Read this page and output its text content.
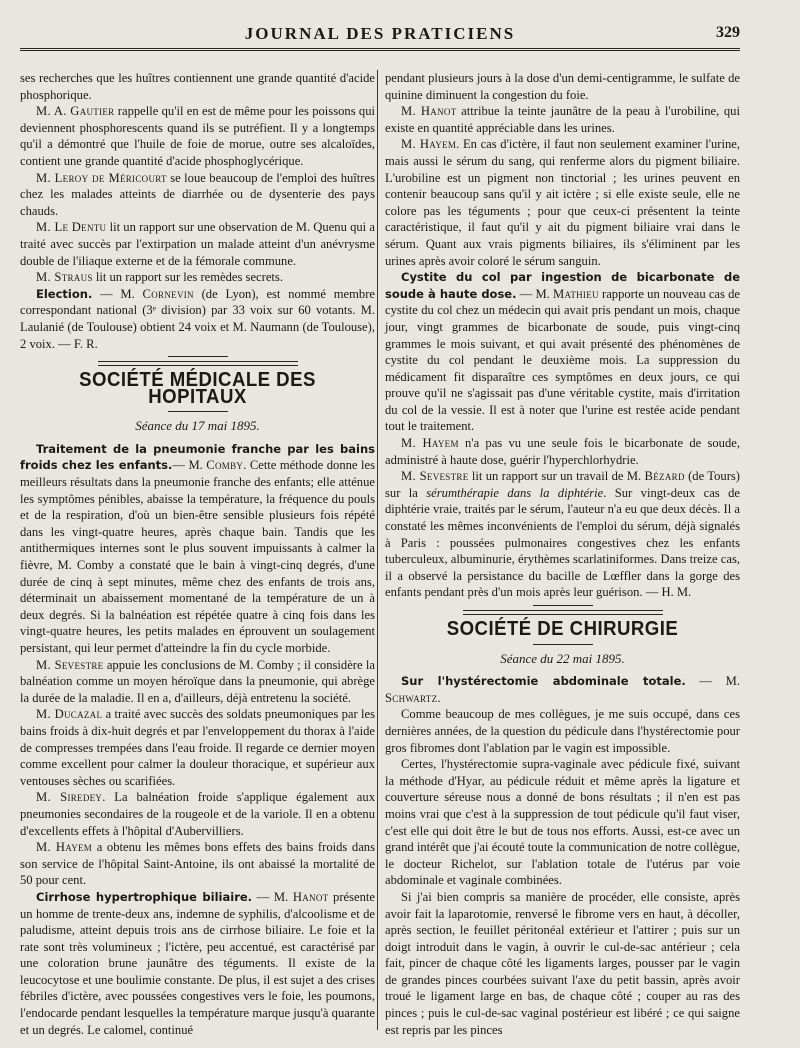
JOURNAL DES PRATICIENS	329

ses recherches que les huîtres contiennent une grande quantité d'acide phosphorique.

M. A. Gautier rappelle qu'il en est de même pour les poissons qui deviennent phosphorescents quand ils se putréfient. Il y a longtemps qu'il a démontré que l'huile de foie de morue, outre ses alcaloïdes, contient une grande quantité d'acide phosphoglycérique.

M. Leroy de Méricourt se loue beaucoup de l'emploi des huîtres chez les malades atteints de diarrhée ou de dysenterie des pays chauds.

M. Le Dentu lit un rapport sur une observation de M. Quenu qui a traité avec succès par l'extirpation un malade atteint d'un anévrysme double de l'iliaque externe et de la fémorale commune.

M. Straus lit un rapport sur les remèdes secrets.

Election. — M. Cornevin (de Lyon), est nommé membre correspondant national (3ᵉ division) par 33 voix sur 60 votants. M. Laulanié (de Toulouse) obtient 24 voix et M. Naumann (de Toulouse), 2 voix. — F. R.

SOCIÉTÉ MÉDICALE DES HOPITAUX
Séance du 17 mai 1895.

Traitement de la pneumonie franche par les bains froids chez les enfants.— M. Comby. Cette méthode donne les meilleurs résultats dans la pneumonie franche des enfants; elle atténue les symptômes pénibles, abaisse la température, la fréquence du pouls et de la respiration, d'où un bien-être sensible plusieurs fois répété dans les vingt-quatre heures, après chaque bain. Tandis que les antithermiques internes sont le plus souvent impuissants à calmer la fièvre, M. Comby a constaté que le bain à vingt-cinq degrés, d'une durée de cinq à sept minutes, même chez des enfants de trois ans, déterminait un abaissement momentané de la température de un à deux degrés. Si la balnéation est répétée quatre à cinq fois dans les vingt-quatre heures, les petits malades en éprouvent un soulagement persistant, qui leur permet d'atteindre la fin du cycle morbide.

M. Sevestre appuie les conclusions de M. Comby ; il considère la balnéation comme un moyen héroïque dans la pneumonie, qui abrège la durée de la maladie. Il en a, d'ailleurs, déjà entretenu la société.

M. Ducazal a traité avec succès des soldats pneumoniques par les bains froids à dix-huit degrés et par l'enveloppement du thorax à l'aide de compresses trempées dans l'eau froide. Il regarde ce dernier moyen comme excellent pour calmer la douleur thoracique, et supérieur aux ventouses sèches ou scarifiées.

M. Siredey. La balnéation froide s'applique également aux pneumonies secondaires de la rougeole et de la variole. Il en a obtenu d'excellents effets à l'hôpital d'Aubervilliers.

M. Hayem a obtenu les mêmes bons effets des bains froids dans son service de l'hôpital Saint-Antoine, ils ont abaissé la mortalité de 50 pour cent.

Cirrhose hypertrophique biliaire. — M. Hanot présente un homme de trente-deux ans, indemne de syphilis, d'alcoolisme et de paludisme, atteint depuis trois ans de cirrhose biliaire. Le foie et la rate sont très volumineux ; l'ictère, peu accentué, est caractérisé par une coloration brune jaunâtre des téguments. Il existe de la leucocytose et une boulimie constante. De plus, il est sujet a des crises fébriles d'ictère, avec poussées congestives vers le foie, les poumons, l'endocarde pendant lesquelles la température marque jusqu'à quarante et un degrés. Le calomel, continué

pendant plusieurs jours à la dose d'un demi-centigramme, le sulfate de quinine diminuent la congestion du foie.

M. Hanot attribue la teinte jaunâtre de la peau à l'urobiline, qui existe en quantité appréciable dans les urines.

M. Hayem. En cas d'ictère, il faut non seulement examiner l'urine, mais aussi le sérum du sang, qui renferme alors du pigment biliaire. L'urobiline est un pigment non tinctorial ; les urines peuvent en contenir beaucoup sans qu'il y ait ictère ; si elle existe seule, elle ne colore pas les téguments ; pour que ceux-ci présentent la teinte caractéristique, il faut qu'il y ait du pigment biliaire vrai dans le sérum. Quant aux vrais pigments biliaires, ils s'éliminent par les urines après avoir coloré le sérum sanguin.

Cystite du col par ingestion de bicarbonate de soude à haute dose. — M. Mathieu rapporte un nouveau cas de cystite du col chez un médecin qui avait pris pendant un mois, chaque jour, vingt grammes de bicarbonate de soude, puis vingt-cinq grammes le mois suivant, et qui avait présenté des phénomènes de cystite du col pendant le deuxième mois. La suppression du médicament fit disparaître ces symptômes en deux jours, ce qui prouve qu'il ne s'agissait pas d'une véritable cystite, mais d'irritation du col de la vessie. Il est à noter que l'urine est restée acide pendant tout le traitement.

M. Hayem n'a pas vu une seule fois le bicarbonate de soude, administré à haute dose, guérir l'hyperchlorhydrie.

M. Sevestre lit un rapport sur un travail de M. Bézard (de Tours) sur la sérumthérapie dans la diphtérie. Sur vingt-deux cas de diphtérie vraie, traités par le sérum, l'auteur n'a eu que deux décès. Il a constaté les mêmes inconvénients de l'emploi du sérum, déjà signalés à Paris : poussées pulmonaires congestives chez les enfants tuberculeux, albuminurie, érythèmes scarlatiniformes. Dans treize cas, il a observé la persistance du bacille de Lœffler dans la gorge des enfants pendant près d'un mois après leur guérison. — H. M.

SOCIÉTÉ DE CHIRURGIE
Séance du 22 mai 1895.

Sur l'hystérectomie abdominale totale. — M. Schwartz.

Comme beaucoup de mes collègues, je me suis occupé, dans ces dernières années, de la question du pédicule dans l'hystérectomie pour gros fibromes dont l'ablation par le vagin est impossible.

Certes, l'hystérectomie supra-vaginale avec pédicule fixé, suivant la méthode d'Hyar, au pédicule réduit et même après la ligature et couverture séreuse nous a donné de bons résultats ; il n'en est pas moins vrai que c'est à la suppression de tout pédicule qu'il faut viser, c'est elle qui doit être le but de tous nos efforts. Aussi, est-ce avec un grand intérêt que j'ai écouté toute la communication de notre collègue, le docteur Richelot, sur l'ablation totale de l'utérus par voie abdominale et vaginale combinées.

Si j'ai bien compris sa manière de procéder, elle consiste, après avoir fait la laparotomie, renversé le fibrome vers en haut, à décoller, après section, le feuillet péritonéal extérieur et l'attirer ; puis sur un doigt introduit dans le vagin, à ouvrir le cul-de-sac antérieur ; cela fait, pincer de chaque côté les ligaments larges, pousser par le vagin de grandes pinces courbées suivant l'axe du petit bassin, après avoir troué le ligament large en bas, de chaque côté ; couper au ras des pinces ; puis le cul-de-sac vaginal postérieur est libéré ; ce qui saigne est repris par les pinces
